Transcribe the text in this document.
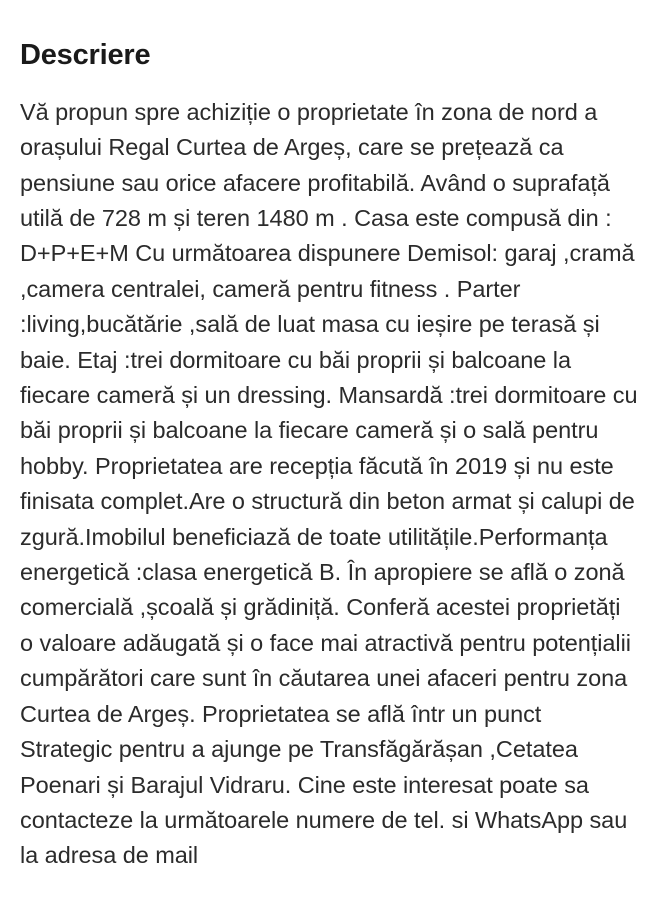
Descriere

Vă propun spre achiziție o proprietate în zona de nord a orașului Regal Curtea de Argeș, care se prețează ca pensiune sau orice afacere profitabilă. Având o suprafață utilă de 728 m și teren 1480 m . Casa este compusă din : D+P+E+M Cu următoarea dispunere Demisol: garaj ,cramă ,camera centralei, cameră pentru fitness . Parter :living,bucătărie ,sală de luat masa cu ieșire pe terasă și baie. Etaj :trei dormitoare cu băi proprii și balcoane la fiecare cameră și un dressing. Mansardă :trei dormitoare cu băi proprii și balcoane la fiecare cameră și o sală pentru hobby. Proprietatea are recepția făcută în 2019 și nu este finisata complet.Are o structură din beton armat și calupi de zgură.Imobilul beneficiază de toate utilitățile.Performanța energetică :clasa energetică B. În apropiere se află o zonă comercială ,școală și grădiniță. Conferă acestei proprietăți o valoare adăugată și o face mai atractivă pentru potențialii cumpărători care sunt în căutarea unei afaceri pentru zona Curtea de Argeș. Proprietatea se află într un punct Strategic pentru a ajunge pe Transfăgărășan ,Cetatea Poenari și Barajul Vidraru. Cine este interesat poate sa contacteze la următoarele numere de tel. si WhatsApp sau la adresa de mail
